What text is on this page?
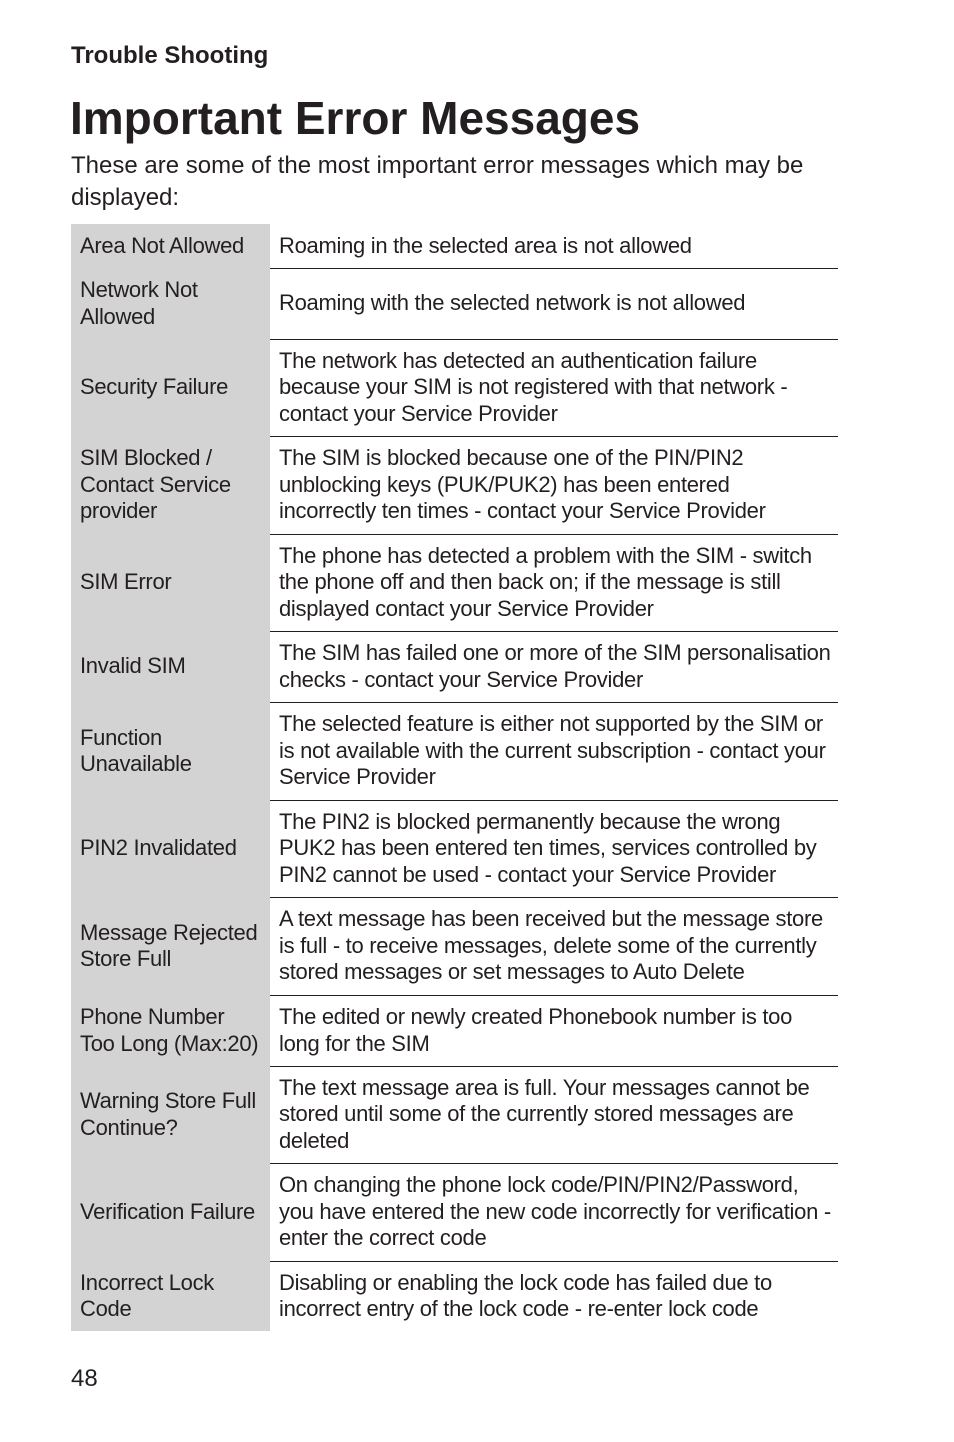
Trouble Shooting
Important Error Messages

These are some of the most important error messages which may be displayed:

Area Not Allowed	Roaming in the selected area is not allowed
Network Not Allowed	Roaming with the selected network is not allowed
Security Failure	The network has detected an authentication failure because your SIM is not registered with that network - contact your Service Provider
SIM Blocked / Contact Service provider	The SIM is blocked because one of the PIN/PIN2 unblocking keys (PUK/PUK2) has been entered incorrectly ten times - contact your Service Provider
SIM Error	The phone has detected a problem with the SIM - switch the phone off and then back on; if the message is still displayed contact your Service Provider
Invalid SIM	The SIM has failed one or more of the SIM personalisation checks - contact your Service Provider
Function Unavailable	The selected feature is either not supported by the SIM or is not available with the current subscription - contact your Service Provider
PIN2 Invalidated	The PIN2 is blocked permanently because the wrong PUK2 has been entered ten times, services controlled by PIN2 cannot be used - contact your Service Provider
Message Rejected Store Full	A text message has been received but the message store is full - to receive messages, delete some of the currently stored messages or set messages to Auto Delete
Phone Number Too Long (Max:20)	The edited or newly created Phonebook number is too long for the SIM
Warning Store Full Continue?	The text message area is full. Your messages cannot be stored until some of the currently stored messages are deleted
Verification Failure	On changing the phone lock code/PIN/PIN2/Password, you have entered the new code incorrectly for verification - enter the correct code
Incorrect Lock Code	Disabling or enabling the lock code has failed due to incorrect entry of the lock code - re-enter lock code

48
